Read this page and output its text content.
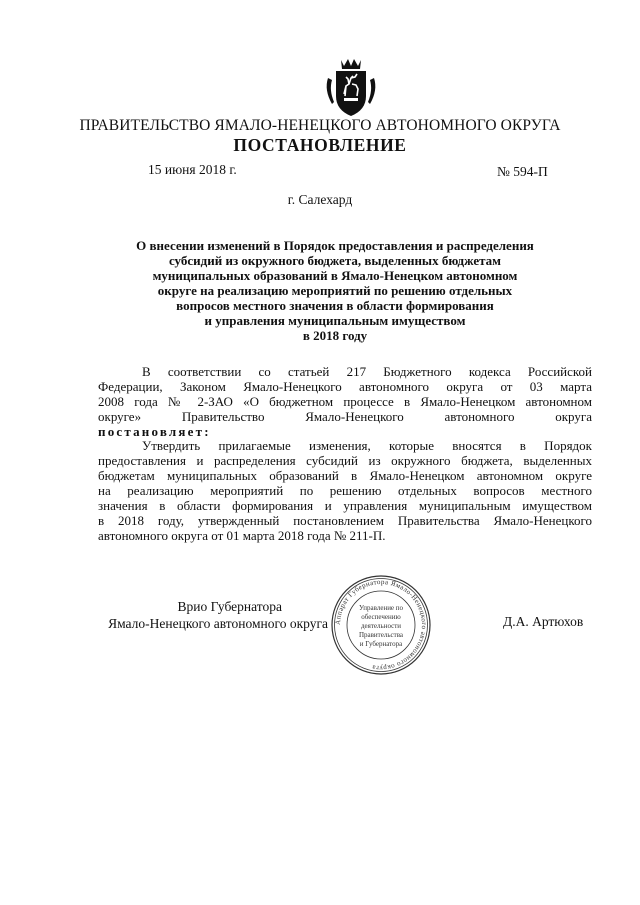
ПРАВИТЕЛЬСТВО ЯМАЛО-НЕНЕЦКОГО АВТОНОМНОГО ОКРУГА
ПОСТАНОВЛЕНИЕ
15 июня 2018 г.	№ 594-П
г. Салехард
О внесении изменений в Порядок предоставления и распределения
субсидий из окружного бюджета, выделенных бюджетам
муниципальных образований в Ямало-Ненецком автономном
округе на реализацию мероприятий по решению отдельных
вопросов местного значения в области формирования
и управления муниципальным имуществом
в 2018 году
В соответствии со статьей 217 Бюджетного кодекса Российской
Федерации, Законом Ямало-Ненецкого автономного округа от 03 марта
2008 года № 2-ЗАО «О бюджетном процессе в Ямало-Ненецком автономном
округе» Правительство Ямало-Ненецкого автономного округа
постановляет:
Утвердить прилагаемые изменения, которые вносятся в Порядок
предоставления и распределения субсидий из окружного бюджета, выделенных
бюджетам муниципальных образований в Ямало-Ненецком автономном округе
на реализацию мероприятий по решению отдельных вопросов местного
значения в области формирования и управления муниципальным имуществом
в 2018 году, утвержденный постановлением Правительства Ямало-Ненецкого
автономного округа от 01 марта 2018 года № 211-П.
Врио Губернатора
Ямало-Ненецкого автономного округа	Д.А. Артюхов
Аппарат Губернатора Ямало-Ненецкого автономного округа
Управление по
обеспечению
деятельности
Правительства
и Губернатора
